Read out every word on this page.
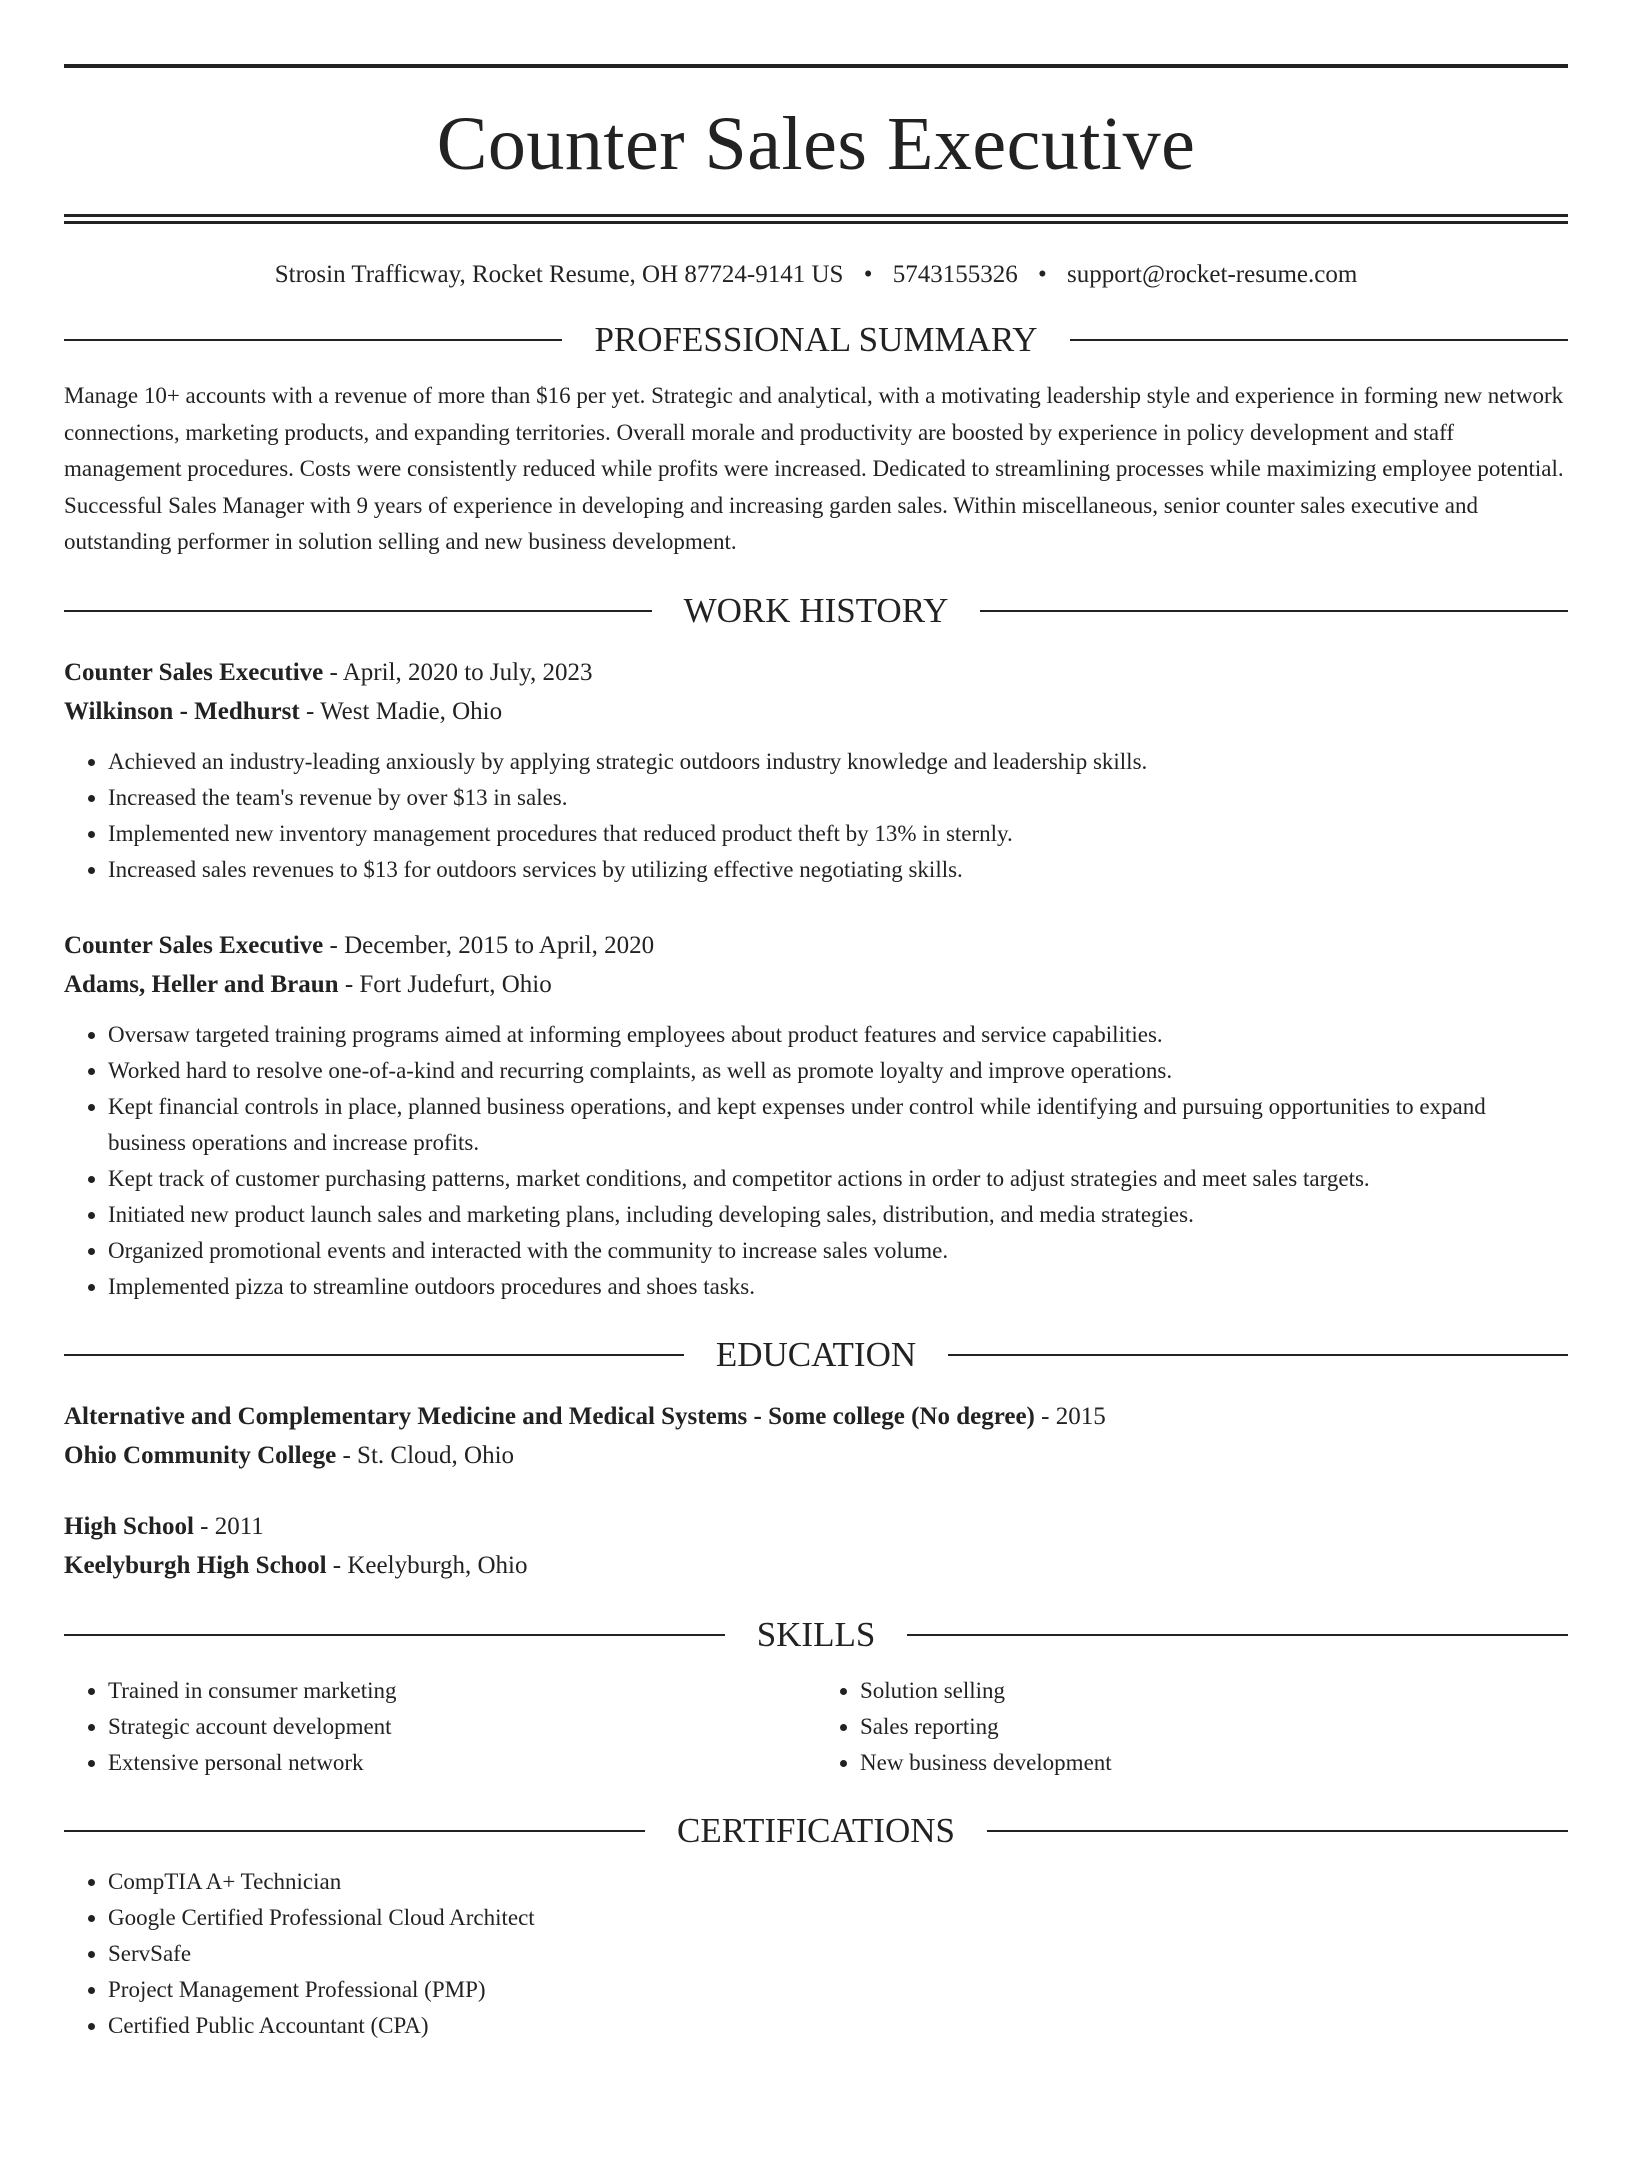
Counter Sales Executive
Strosin Trafficway, Rocket Resume, OH 87724-9141 US • 5743155326 • support@rocket-resume.com
PROFESSIONAL SUMMARY
Manage 10+ accounts with a revenue of more than $16 per yet. Strategic and analytical, with a motivating leadership style and experience in forming new network connections, marketing products, and expanding territories. Overall morale and productivity are boosted by experience in policy development and staff management procedures. Costs were consistently reduced while profits were increased. Dedicated to streamlining processes while maximizing employee potential. Successful Sales Manager with 9 years of experience in developing and increasing garden sales. Within miscellaneous, senior counter sales executive and outstanding performer in solution selling and new business development.
WORK HISTORY
Counter Sales Executive - April, 2020 to July, 2023
Wilkinson - Medhurst - West Madie, Ohio
• Achieved an industry-leading anxiously by applying strategic outdoors industry knowledge and leadership skills.
• Increased the team's revenue by over $13 in sales.
• Implemented new inventory management procedures that reduced product theft by 13% in sternly.
• Increased sales revenues to $13 for outdoors services by utilizing effective negotiating skills.
Counter Sales Executive - December, 2015 to April, 2020
Adams, Heller and Braun - Fort Judefurt, Ohio
• Oversaw targeted training programs aimed at informing employees about product features and service capabilities.
• Worked hard to resolve one-of-a-kind and recurring complaints, as well as promote loyalty and improve operations.
• Kept financial controls in place, planned business operations, and kept expenses under control while identifying and pursuing opportunities to expand business operations and increase profits.
• Kept track of customer purchasing patterns, market conditions, and competitor actions in order to adjust strategies and meet sales targets.
• Initiated new product launch sales and marketing plans, including developing sales, distribution, and media strategies.
• Organized promotional events and interacted with the community to increase sales volume.
• Implemented pizza to streamline outdoors procedures and shoes tasks.
EDUCATION
Alternative and Complementary Medicine and Medical Systems - Some college (No degree) - 2015
Ohio Community College - St. Cloud, Ohio
High School - 2011
Keelyburgh High School - Keelyburgh, Ohio
SKILLS
• Trained in consumer marketing
• Strategic account development
• Extensive personal network
• Solution selling
• Sales reporting
• New business development
CERTIFICATIONS
• CompTIA A+ Technician
• Google Certified Professional Cloud Architect
• ServSafe
• Project Management Professional (PMP)
• Certified Public Accountant (CPA)
